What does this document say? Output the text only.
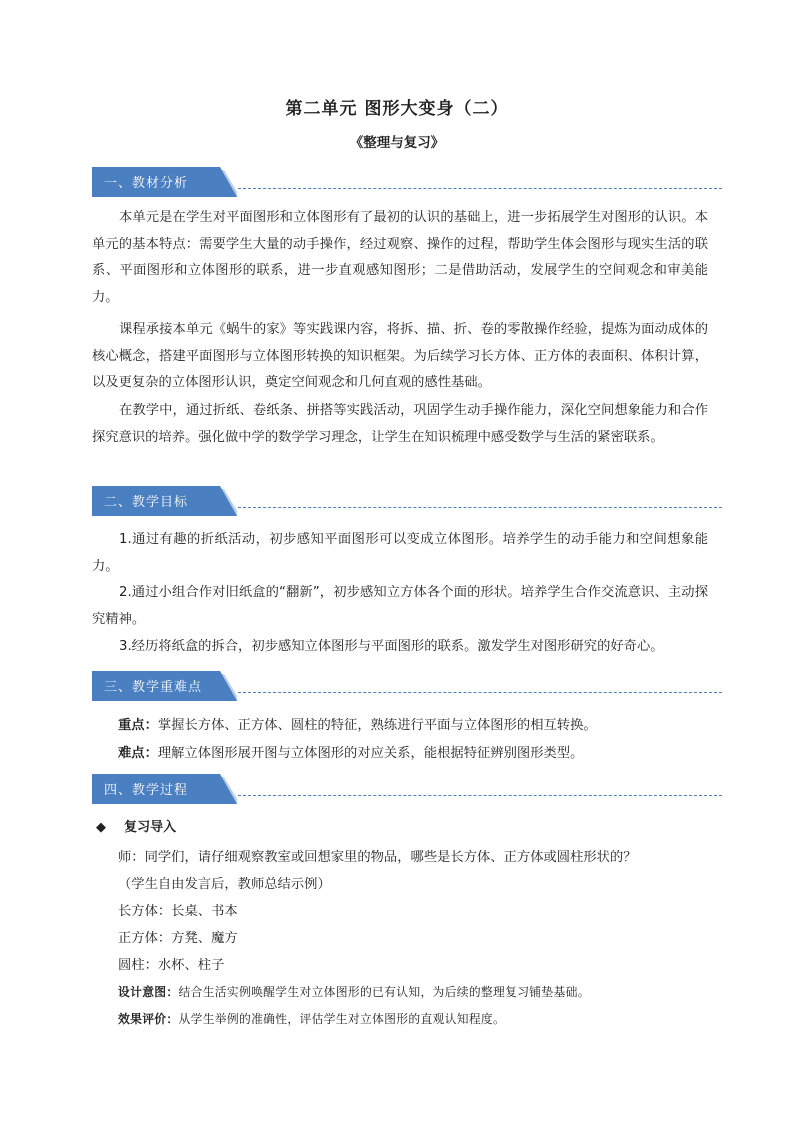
第二单元 图形大变身（二）
《整理与复习》
一、教材分析
本单元是在学生对平面图形和立体图形有了最初的认识的基础上，进一步拓展学生对图形的认识。本单元的基本特点：需要学生大量的动手操作，经过观察、操作的过程，帮助学生体会图形与现实生活的联系、平面图形和立体图形的联系，进一步直观感知图形；二是借助活动，发展学生的空间观念和审美能力。
课程承接本单元《蜗牛的家》等实践课内容，将拆、描、折、卷的零散操作经验，提炼为面动成体的核心概念，搭建平面图形与立体图形转换的知识框架。为后续学习长方体、正方体的表面积、体积计算，以及更复杂的立体图形认识，奠定空间观念和几何直观的感性基础。
在教学中，通过折纸、卷纸条、拼搭等实践活动，巩固学生动手操作能力，深化空间想象能力和合作探究意识的培养。强化做中学的数学学习理念，让学生在知识梳理中感受数学与生活的紧密联系。
二、教学目标
1.通过有趣的折纸活动，初步感知平面图形可以变成立体图形。培养学生的动手能力和空间想象能力。
2.通过小组合作对旧纸盒的“翻新”，初步感知立方体各个面的形状。培养学生合作交流意识、主动探究精神。
3.经历将纸盒的拆合，初步感知立体图形与平面图形的联系。激发学生对图形研究的好奇心。
三、教学重难点
重点：掌握长方体、正方体、圆柱的特征，熟练进行平面与立体图形的相互转换。
难点：理解立体图形展开图与立体图形的对应关系，能根据特征辨别图形类型。
四、教学过程
◆ 复习导入
师：同学们，请仔细观察教室或回想家里的物品，哪些是长方体、正方体或圆柱形状的？
（学生自由发言后，教师总结示例）
长方体：长桌、书本
正方体：方凳、魔方
圆柱：水杯、柱子
设计意图：结合生活实例唤醒学生对立体图形的已有认知，为后续的整理复习铺垫基础。
效果评价：从学生举例的准确性，评估学生对立体图形的直观认知程度。
